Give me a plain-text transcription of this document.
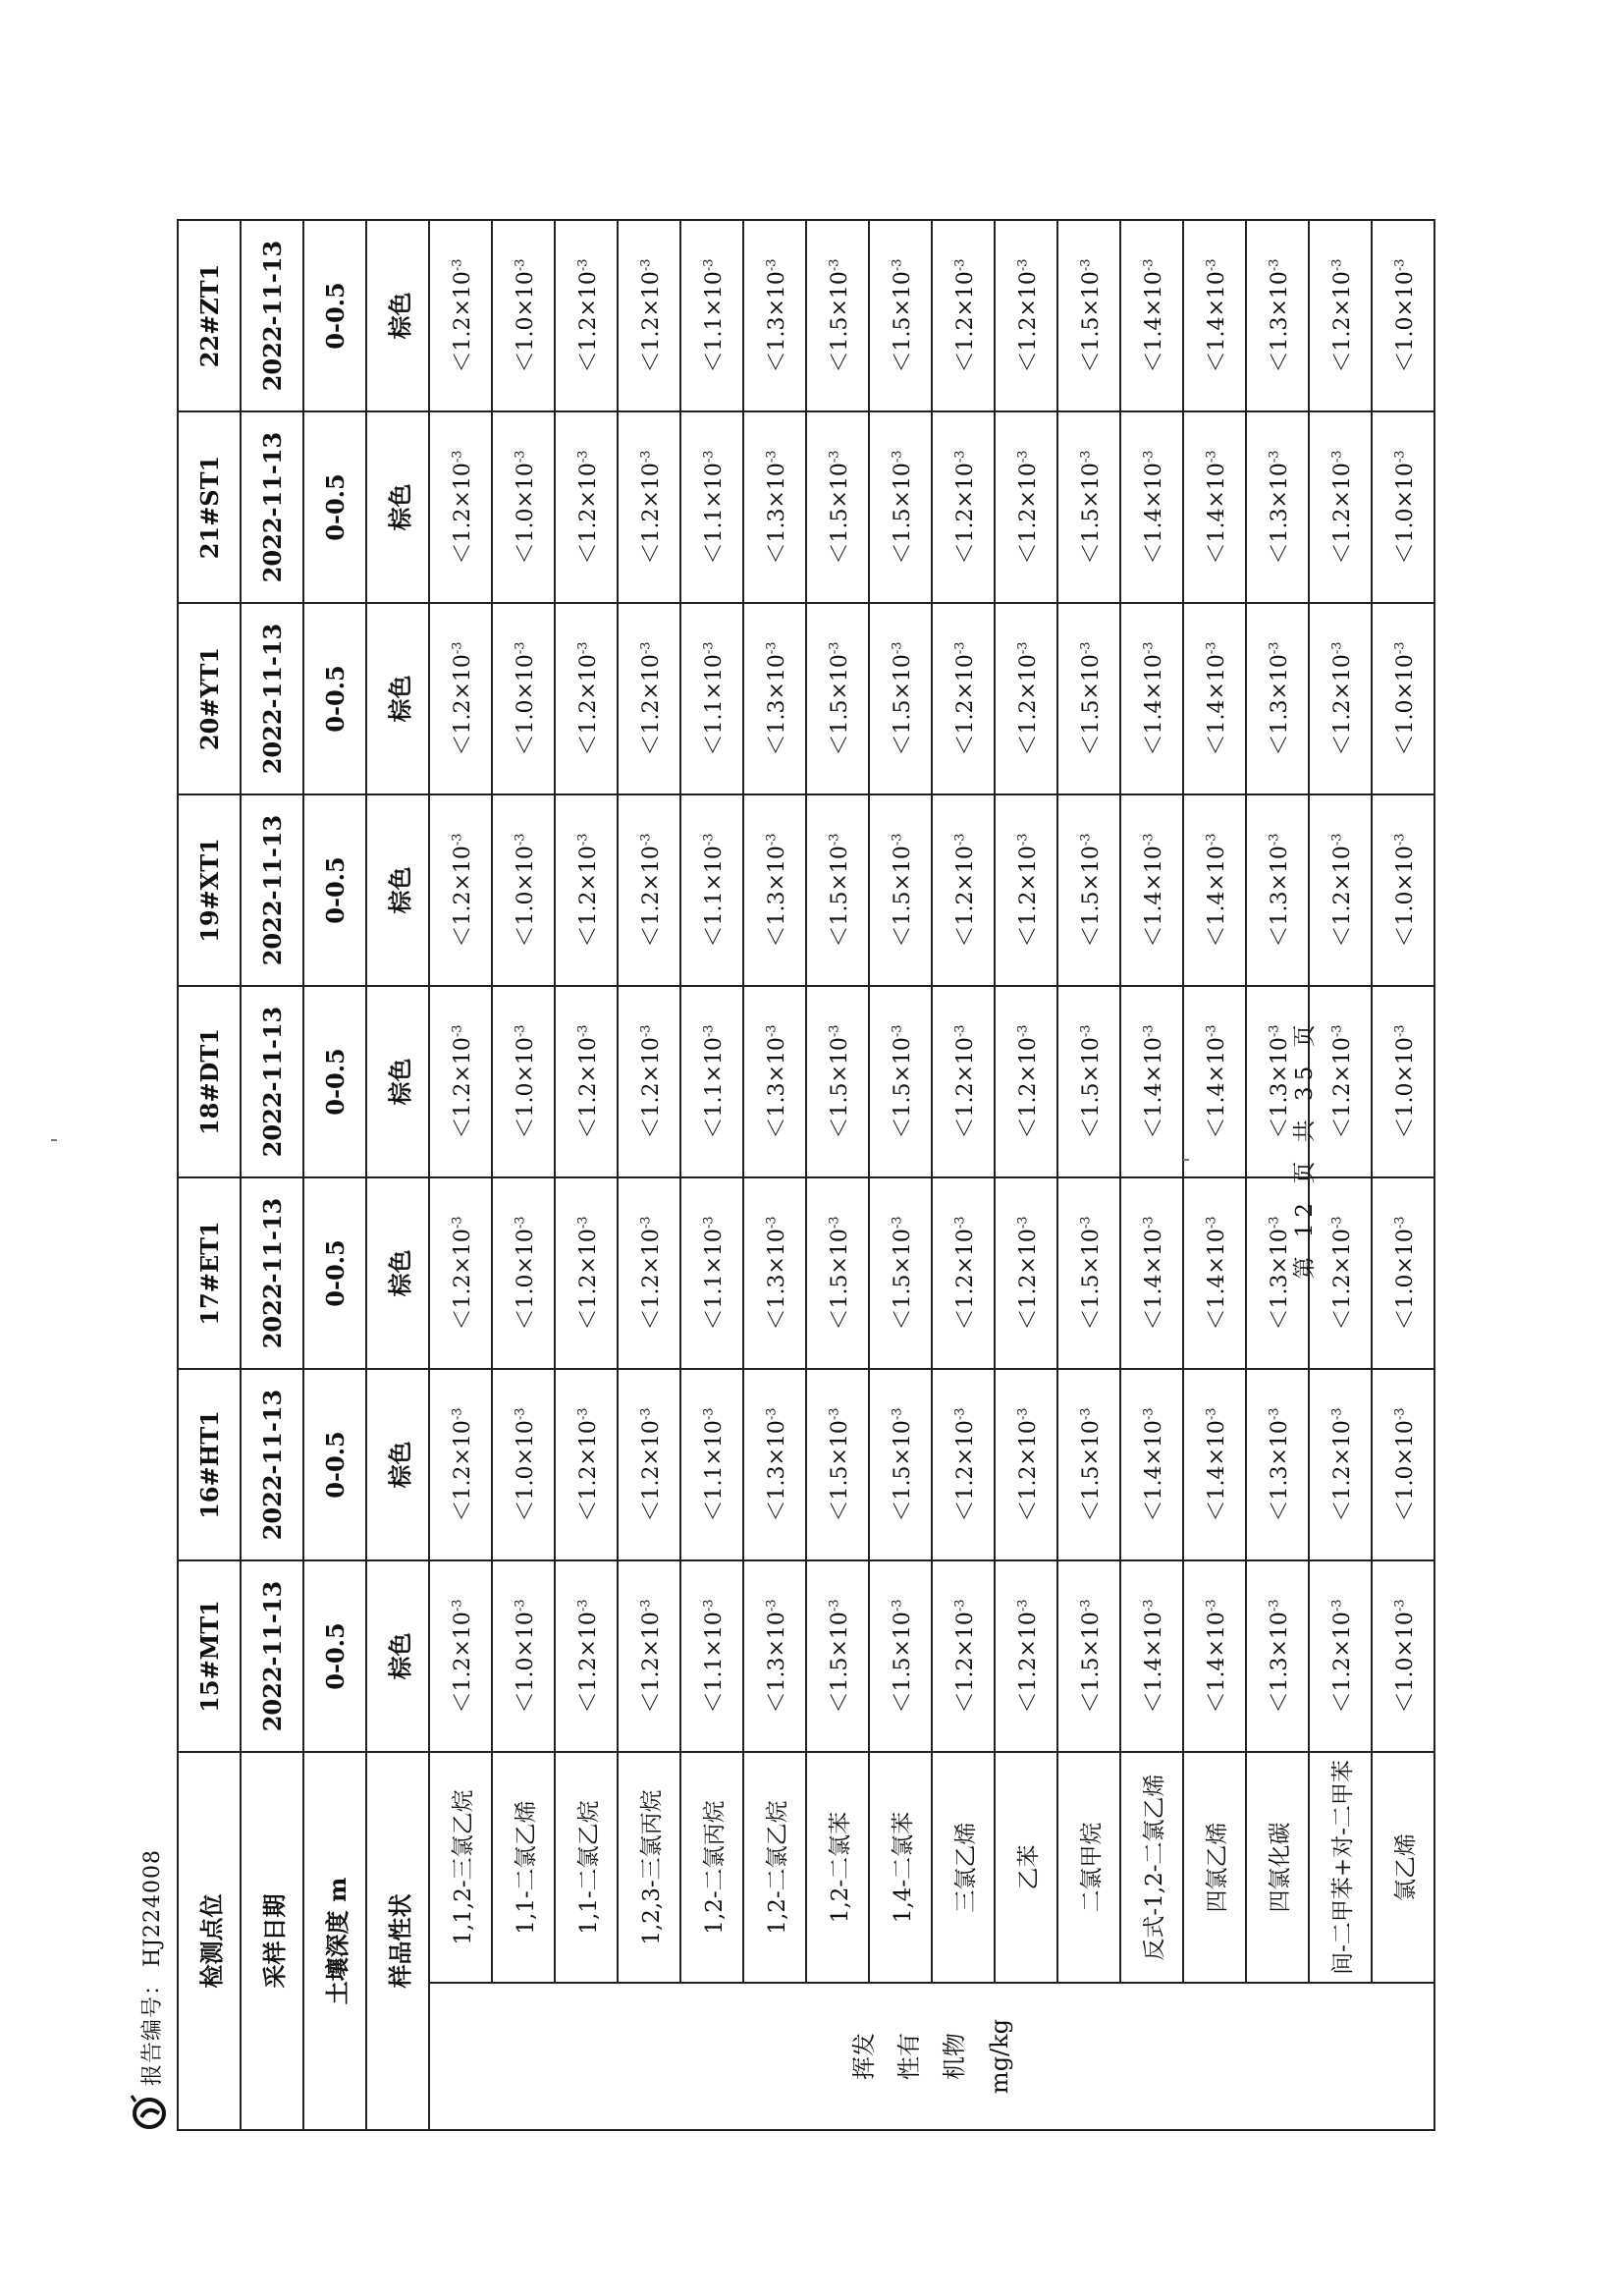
报告编号：HJ224008 检测点位		15#MT1	16#HT1	17#ET1	18#DT1	19#XT1	20#YT1	21#ST1	22#ZT1
采样日期		2022-11-13	2022-11-13	2022-11-13	2022-11-13	2022-11-13	2022-11-13	2022-11-13	2022-11-13
土壤深度 m		0-0.5	0-0.5	0-0.5	0-0.5	0-0.5	0-0.5	0-0.5	0-0.5
样品性状		棕色	棕色	棕色	棕色	棕色	棕色	棕色	棕色

挥发 性有 机物 mg/kg	1,1,2-三氯乙烷	$<1.2\times 10^{-3}$	$<1.2\times 10^{-3}$	$<1.2\times 10^{-3}$	$<1.2\times 10^{-3}$	$<1.2\times 10^{-3}$	$<1.2\times 10^{-3}$	$<1.2\times 10^{-3}$	$<1.2\times 10^{-3}$
	1,1-二氯乙烯	$<1.0\times 10^{-3}$	$<1.0\times 10^{-3}$	$<1.0\times 10^{-3}$	$<1.0\times 10^{-3}$	$<1.0\times 10^{-3}$	$<1.0\times 10^{-3}$	$<1.0\times 10^{-3}$	$<1.0\times 10^{-3}$
	1,1-二氯乙烷	$<1.2\times 10^{-3}$	$<1.2\times 10^{-3}$	$<1.2\times 10^{-3}$	$<1.2\times 10^{-3}$	$<1.2\times 10^{-3}$	$<1.2\times 10^{-3}$	$<1.2\times 10^{-3}$	$<1.2\times 10^{-3}$
	1,2,3-三氯丙烷	$<1.2\times 10^{-3}$	$<1.2\times 10^{-3}$	$<1.2\times 10^{-3}$	$<1.2\times 10^{-3}$	$<1.2\times 10^{-3}$	$<1.2\times 10^{-3}$	$<1.2\times 10^{-3}$	$<1.2\times 10^{-3}$
	1,2-二氯丙烷	$<1.1\times 10^{-3}$	$<1.1\times 10^{-3}$	$<1.1\times 10^{-3}$	$<1.1\times 10^{-3}$	$<1.1\times 10^{-3}$	$<1.1\times 10^{-3}$	$<1.1\times 10^{-3}$	$<1.1\times 10^{-3}$
	1,2-二氯乙烷	$<1.3\times 10^{-3}$	$<1.3\times 10^{-3}$	$<1.3\times 10^{-3}$	$<1.3\times 10^{-3}$	$<1.3\times 10^{-3}$	$<1.3\times 10^{-3}$	$<1.3\times 10^{-3}$	$<1.3\times 10^{-3}$
	1,2-二氯苯	$<1.5\times 10^{-3}$	$<1.5\times 10^{-3}$	$<1.5\times 10^{-3}$	$<1.5\times 10^{-3}$	$<1.5\times 10^{-3}$	$<1.5\times 10^{-3}$	$<1.5\times 10^{-3}$	$<1.5\times 10^{-3}$
	1,4-二氯苯	$<1.5\times 10^{-3}$	$<1.5\times 10^{-3}$	$<1.5\times 10^{-3}$	$<1.5\times 10^{-3}$	$<1.5\times 10^{-3}$	$<1.5\times 10^{-3}$	$<1.5\times 10^{-3}$	$<1.5\times 10^{-3}$
	三氯乙烯	$<1.2\times 10^{-3}$	$<1.2\times 10^{-3}$	$<1.2\times 10^{-3}$	$<1.2\times 10^{-3}$	$<1.2\times 10^{-3}$	$<1.2\times 10^{-3}$	$<1.2\times 10^{-3}$	$<1.2\times 10^{-3}$
	乙苯	$<1.2\times 10^{-3}$	$<1.2\times 10^{-3}$	$<1.2\times 10^{-3}$	$<1.2\times 10^{-3}$	$<1.2\times 10^{-3}$	$<1.2\times 10^{-3}$	$<1.2\times 10^{-3}$	$<1.2\times 10^{-3}$
	二氯甲烷	$<1.5\times 10^{-3}$	$<1.5\times 10^{-3}$	$<1.5\times 10^{-3}$	$<1.5\times 10^{-3}$	$<1.5\times 10^{-3}$	$<1.5\times 10^{-3}$	$<1.5\times 10^{-3}$	$<1.5\times 10^{-3}$
	反式-1,2-二氯乙烯	$<1.4\times 10^{-3}$	$<1.4\times 10^{-3}$	$<1.4\times 10^{-3}$	$<1.4\times 10^{-3}$	$<1.4\times 10^{-3}$	$<1.4\times 10^{-3}$	$<1.4\times 10^{-3}$	$<1.4\times 10^{-3}$
	四氯乙烯	$<1.4\times 10^{-3}$	$<1.4\times 10^{-3}$	$<1.4\times 10^{-3}$	$<1.4\times 10^{-3}$	$<1.4\times 10^{-3}$	$<1.4\times 10^{-3}$	$<1.4\times 10^{-3}$	$<1.4\times 10^{-3}$
	四氯化碳	$<1.3\times 10^{-3}$	$<1.3\times 10^{-3}$	$<1.3\times 10^{-3}$	$<1.3\times 10^{-3}$	$<1.3\times 10^{-3}$	$<1.3\times 10^{-3}$	$<1.3\times 10^{-3}$	$<1.3\times 10^{-3}$
	间-二甲苯+对-二甲苯	$<1.2\times 10^{-3}$	$<1.2\times 10^{-3}$	$<1.2\times 10^{-3}$	$<1.2\times 10^{-3}$	$<1.2\times 10^{-3}$	$<1.2\times 10^{-3}$	$<1.2\times 10^{-3}$	$<1.2\times 10^{-3}$
	氯乙烯	$<1.0\times 10^{-3}$	$<1.0\times 10^{-3}$	$<1.0\times 10^{-3}$	$<1.0\times 10^{-3}$	$<1.0\times 10^{-3}$	$<1.0\times 10^{-3}$	$<1.0\times 10^{-3}$	$<1.0\times 10^{-3}$
第 12 页 共 35 页
